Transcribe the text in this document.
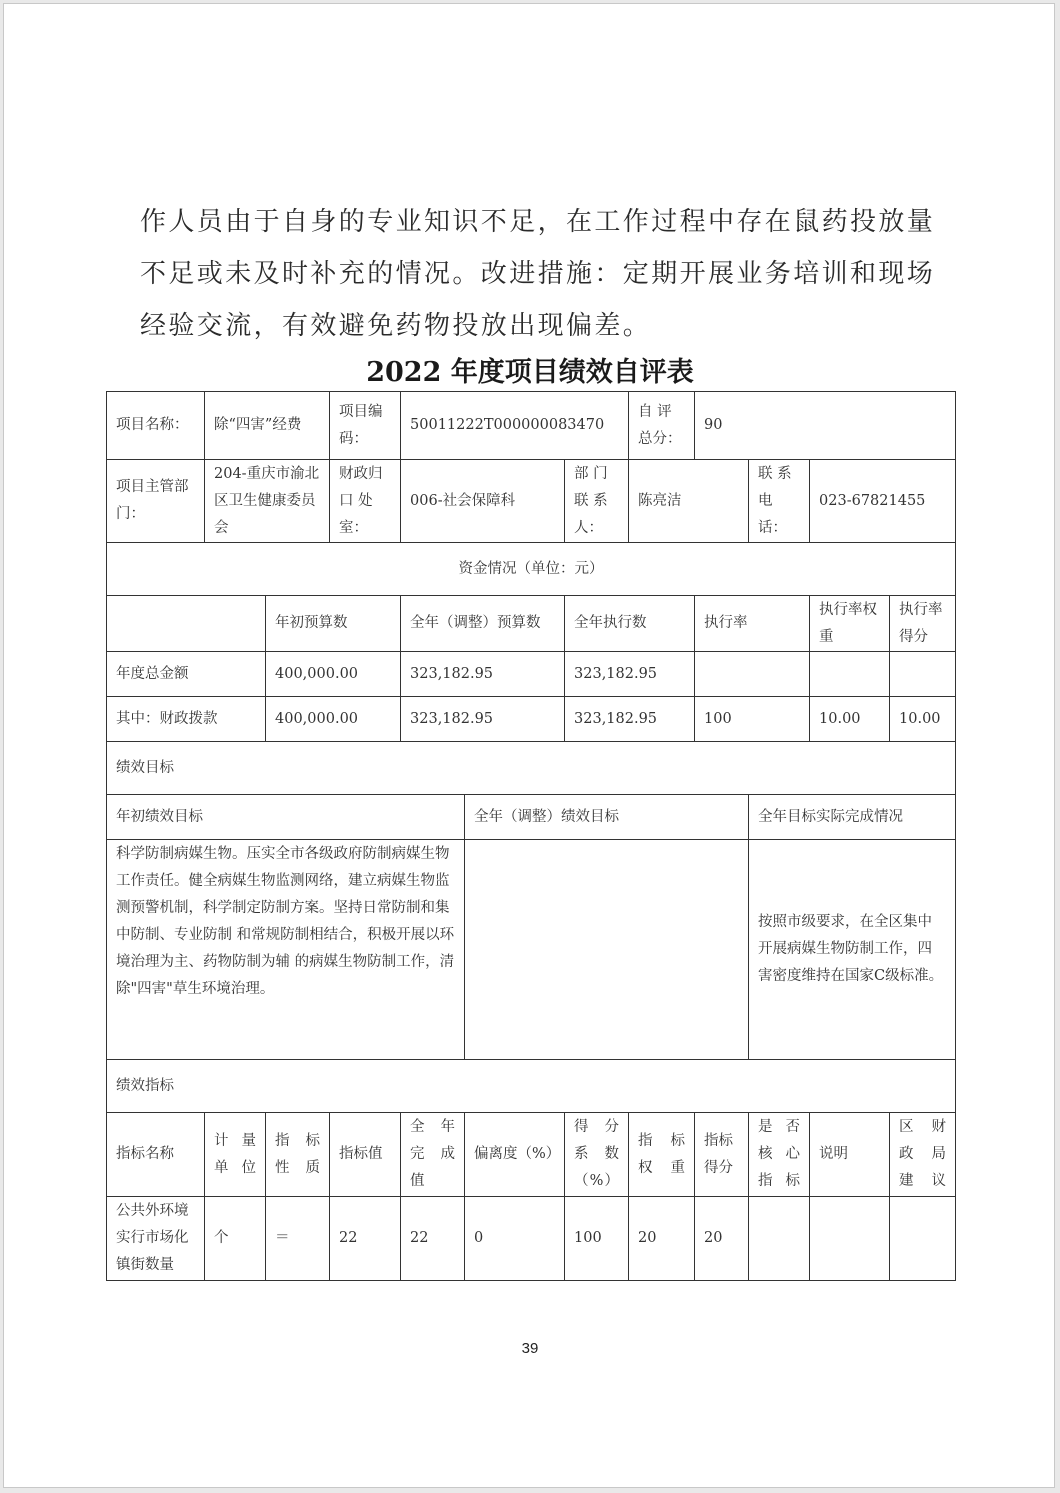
作人员由于自身的专业知识不足，在工作过程中存在鼠药投放量
不足或未及时补充的情况。改进措施：定期开展业务培训和现场
经验交流，有效避免药物投放出现偏差。
2022 年度项目绩效自评表
项目名称：	除“四害”经费		项目编码：	50011222T000000083470			自 评总分：	90			
项目主管部门：	204-重庆市渝北区卫生健康委员会		财政归口 处室：	006-社会保障科		部 门联 系人：	陈亮洁		联 系电话：	023-67821455	
资金情况（单位：元）											
		年初预算数		全年（调整）预算数		全年执行数		执行率		执行率权重	执行率得分
年度总金额		400,000.00		323,182.95		323,182.95					
其中：财政拨款		400,000.00		323,182.95		323,182.95		100		10.00	10.00
绩效目标											
年初绩效目标					全年（调整）绩效目标				全年目标实际完成情况		
科学防制病媒生物。压实全市各级政府防制病媒生物 工作责任。健全病媒生物监测网络，建立病媒生物监测预警机制，科学制定防制方案。坚持日常防制和集中防制、专业防制 和常规防制相结合，积极开展以环境治理为主、药物防制为辅 的病媒生物防制工作，清除"四害"草生环境治理。									按照市级要求，在全区集中开展病媒生物防制工作，四害密度维持在国家C级标准。		
绩效指标											
指标名称	计 量单位	指 标性质	指标值	全 年完 成值	偏离度（%）	得 分系 数（%）	指 标权重	指标得分	是 否核 心指标	说明	区 财政 局建议
公共外环境实行市场化镇街数量	个	＝	22	22	0	100	20	20			
39
